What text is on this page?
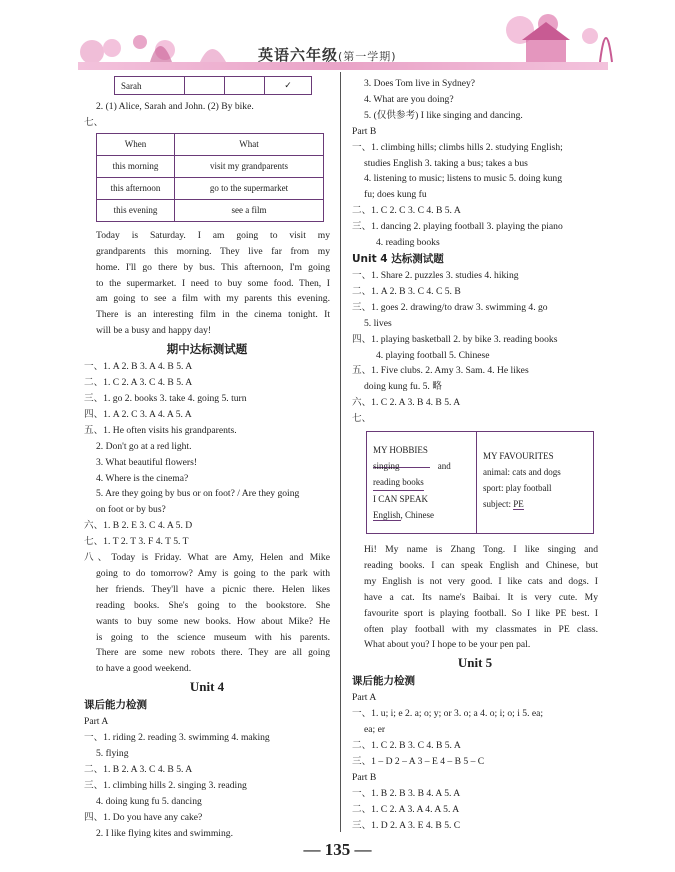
英语六年级(第一学期)
Sarah			✓
2. (1) Alice, Sarah and John. (2) By bike.
七、
When	What
this morning	visit my grandparents
this afternoon	go to the supermarket
this evening	see a film
Today is Saturday. I am going to visit my
grandparents this morning. They live far from my
home. I'll go there by bus. This afternoon, I'm going
to the supermarket. I need to buy some food. Then, I
am going to see a film with my parents this evening.
There is an interesting film in the cinema tonight. It
will be a busy and happy day!
期中达标测试题
一、1. A 2. B 3. A 4. B 5. A
二、1. C 2. A 3. C 4. B 5. A
三、1. go 2. books 3. take 4. going 5. turn
四、1. A 2. C 3. A 4. A 5. A
五、1. He often visits his grandparents.
2. Don't go at a red light.
3. What beautiful flowers!
4. Where is the cinema?
5. Are they going by bus or on foot? / Are they going
on foot or by bus?
六、1. B 2. E 3. C 4. A 5. D
七、1. T 2. T 3. F 4. T 5. T
八、Today is Friday. What are Amy, Helen and Mike
going to do tomorrow? Amy is going to the park with
her friends. They'll have a picnic there. Helen likes
reading books. She's going to the bookstore. She
wants to buy some new books. How about Mike? He
is going to the science museum with his parents.
There are some new robots there. They are all going
to have a good weekend.
Unit 4
课后能力检测
Part A
一、1. riding 2. reading 3. swimming 4. making
5. flying
二、1. B 2. A 3. C 4. B 5. A
三、1. climbing hills 2. singing 3. reading
4. doing kung fu 5. dancing
四、1. Do you have any cake?
2. I like flying kites and swimming.
3. Does Tom live in Sydney?
4. What are you doing?
5. (仅供参考) I like singing and dancing.
Part B
一、1. climbing hills; climbs hills 2. studying English;
studies English 3. taking a bus; takes a bus
4. listening to music; listens to music 5. doing kung
fu; does kung fu
二、1. C 2. C 3. C 4. B 5. A
三、1. dancing 2. playing football 3. playing the piano
4. reading books
Unit 4 达标测试题
一、1. Share 2. puzzles 3. studies 4. hiking
二、1. A 2. B 3. C 4. C 5. B
三、1. goes 2. drawing/to draw 3. swimming 4. go
5. lives
四、1. playing basketball 2. by bike 3. reading books
4. playing football 5. Chinese
五、1. Five clubs. 2. Amy 3. Sam. 4. He likes
doing kung fu. 5. 略
六、1. C 2. A 3. B 4. B 5. A
七、
MY HOBBIES
singing	and
reading books
I CAN SPEAK
English, Chinese
MY FAVOURITES
animal: cats and dogs
sport: play football
subject: PE
Hi! My name is Zhang Tong. I like singing and
reading books. I can speak English and Chinese, but
my English is not very good. I like cats and dogs. I
have a cat. Its name's Baibai. It is very cute. My
favourite sport is playing football. So I like PE best. I
often play football with my classmates in PE class.
What about you? I hope to be your pen pal.
Unit 5
课后能力检测
Part A
一、1. u; i; e 2. a; o; y; or 3. o; a 4. o; i; o; i 5. ea;
ea; er
二、1. C 2. B 3. C 4. B 5. A
三、1 – D 2 – A 3 – E 4 – B 5 – C
Part B
一、1. B 2. B 3. B 4. A 5. A
二、1. C 2. A 3. A 4. A 5. A
三、1. D 2. A 3. E 4. B 5. C
— 135 —
